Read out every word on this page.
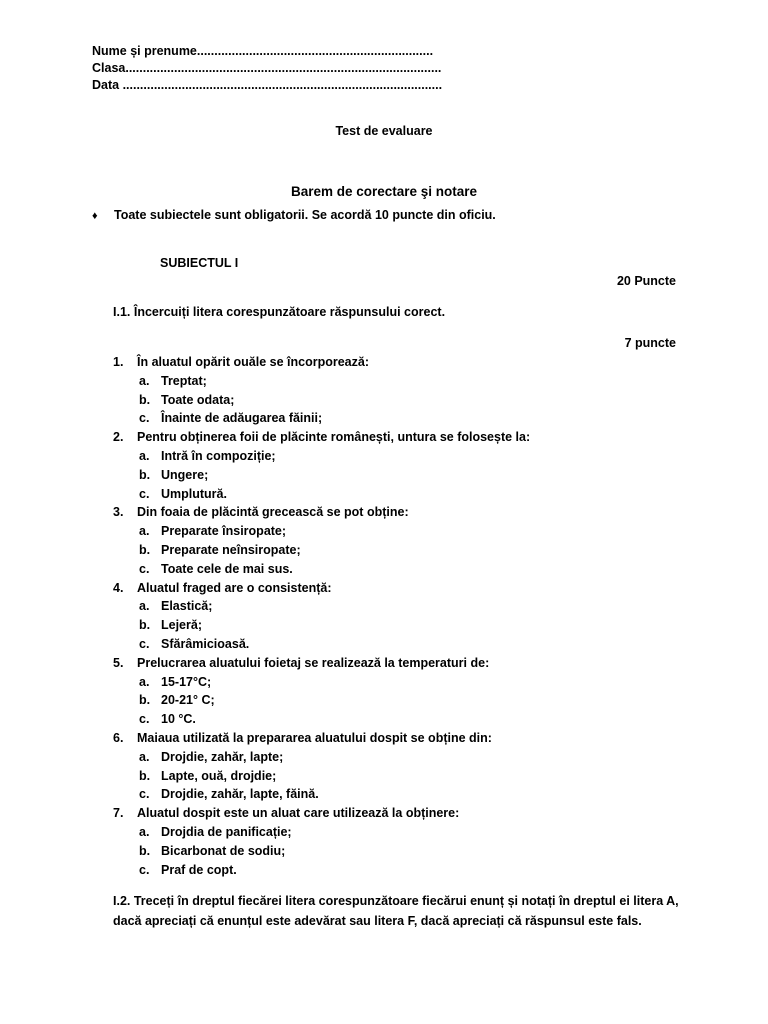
Nume și prenume....................................................................
Clasa...........................................................................................
Data ............................................................................................
Test de evaluare
Barem de corectare şi notare
♦ Toate subiectele sunt obligatorii. Se acordă 10 puncte din oficiu.
SUBIECTUL I
20 Puncte
I.1. Încercuiți litera corespunzătoare răspunsului corect.
7 puncte
1. În aluatul opărit ouăle se încorporează:
a. Treptat;
b. Toate odata;
c. Înainte de adăugarea făinii;
2. Pentru obținerea foii de plăcinte românești, untura se folosește la:
a. Intră în compoziție;
b. Ungere;
c. Umplutură.
3. Din foaia de plăcintă grecească se pot obține:
a. Preparate însiropate;
b. Preparate neînsiropate;
c. Toate cele de mai sus.
4. Aluatul fraged are o consistență:
a. Elastică;
b. Lejeră;
c. Sfărâmicioasă.
5. Prelucrarea aluatului foietaj se realizează la temperaturi de:
a. 15-17°C;
b. 20-21° C;
c. 10 °C.
6. Maiaua utilizată la prepararea aluatului dospit se obține din:
a. Drojdie, zahăr, lapte;
b. Lapte, ouă, drojdie;
c. Drojdie, zahăr, lapte, făină.
7. Aluatul dospit este un aluat care utilizează la obținere:
a. Drojdia de panificație;
b. Bicarbonat de sodiu;
c. Praf de copt.
I.2. Treceți în dreptul fiecărei litera corespunzătoare fiecărui enunț și notați în dreptul ei litera A, dacă apreciați că enunțul este adevărat sau litera F, dacă apreciați că răspunsul este fals.
